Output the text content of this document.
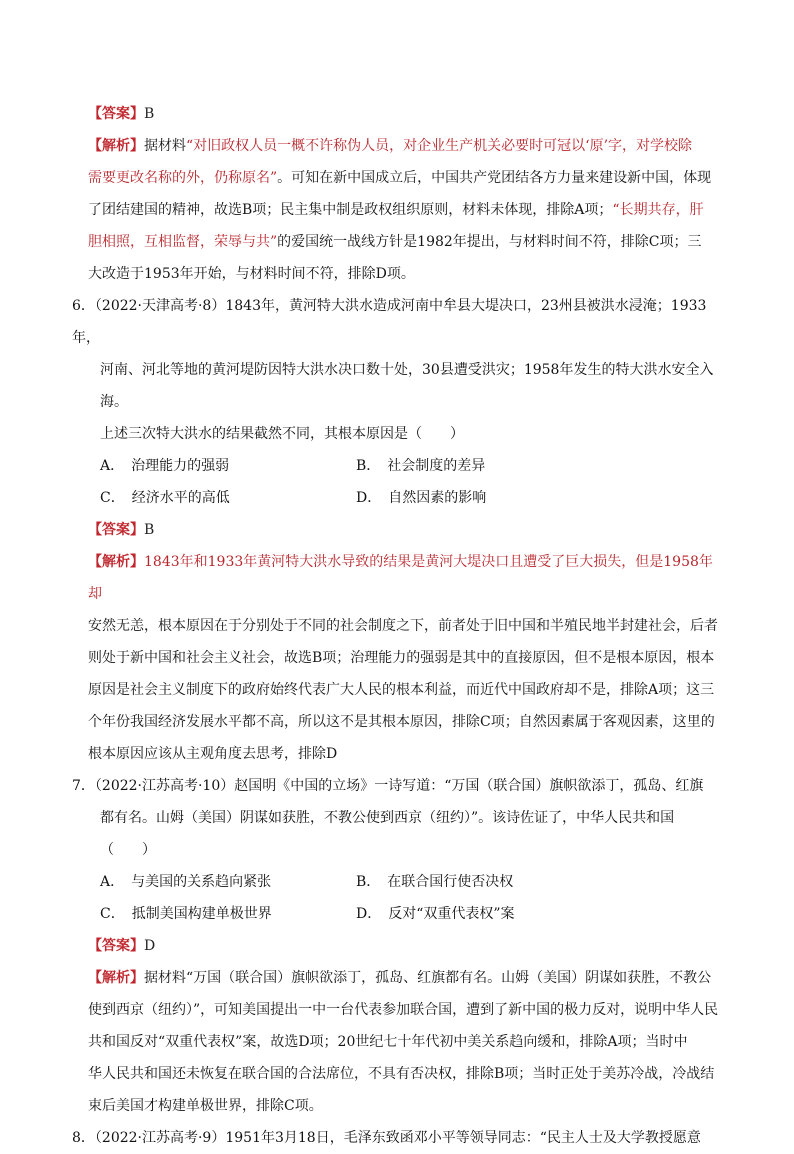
【答案】B
【解析】据材料“对旧政权人员一概不许称伪人员，对企业生产机关必要时可冠以‘原’字，对学校除
需要更改名称的外，仍称原名”。可知在新中国成立后，中国共产党团结各方力量来建设新中国，体现
了团结建国的精神，故选B项；民主集中制是政权组织原则，材料未体现，排除A项；“长期共存，肝
胆相照，互相监督，荣辱与共”的爱国统一战线方针是1982年提出，与材料时间不符，排除C项；三
大改造于1953年开始，与材料时间不符，排除D项。
6．（2022·天津高考·8）1843年，黄河特大洪水造成河南中牟县大堤决口，23州县被洪水浸淹；1933年，
河南、河北等地的黄河堤防因特大洪水决口数十处，30县遭受洪灾；1958年发生的特大洪水安全入海。
上述三次特大洪水的结果截然不同，其根本原因是（　　）
A．　治理能力的强弱	B．　社会制度的差异
C．　经济水平的高低	D．　自然因素的影响
【答案】B
【解析】1843年和1933年黄河特大洪水导致的结果是黄河大堤决口且遭受了巨大损失，但是1958年却
安然无恙，根本原因在于分别处于不同的社会制度之下，前者处于旧中国和半殖民地半封建社会，后者
则处于新中国和社会主义社会，故选B项；治理能力的强弱是其中的直接原因，但不是根本原因，根本
原因是社会主义制度下的政府始终代表广大人民的根本利益，而近代中国政府却不是，排除A项；这三
个年份我国经济发展水平都不高，所以这不是其根本原因，排除C项；自然因素属于客观因素，这里的
根本原因应该从主观角度去思考，排除D
7．（2022·江苏高考·10）赵国明《中国的立场》一诗写道：“万国（联合国）旗帜欲添丁，孤岛、红旗
都有名。山姆（美国）阴谋如获胜，不教公使到西京（纽约）”。该诗佐证了，中华人民共和国（　　）
A．　与美国的关系趋向紧张	B．　在联合国行使否决权
C．　抵制美国构建单极世界	D．　反对“双重代表权”案
【答案】D
【解析】据材料“万国（联合国）旗帜欲添丁，孤岛、红旗都有名。山姆（美国）阴谋如获胜，不教公
使到西京（纽约）”，可知美国提出一中一台代表参加联合国，遭到了新中国的极力反对，说明中华人民
共和国反对“双重代表权”案，故选D项；20世纪七十年代初中美关系趋向缓和，排除A项；当时中
华人民共和国还未恢复在联合国的合法席位，不具有否决权，排除B项；当时正处于美苏冷战，冷战结
束后美国才构建单极世界，排除C项。
8．（2022·江苏高考·9）1951年3月18日，毛泽东致函邓小平等领导同志：“民主人士及大学教授愿意
